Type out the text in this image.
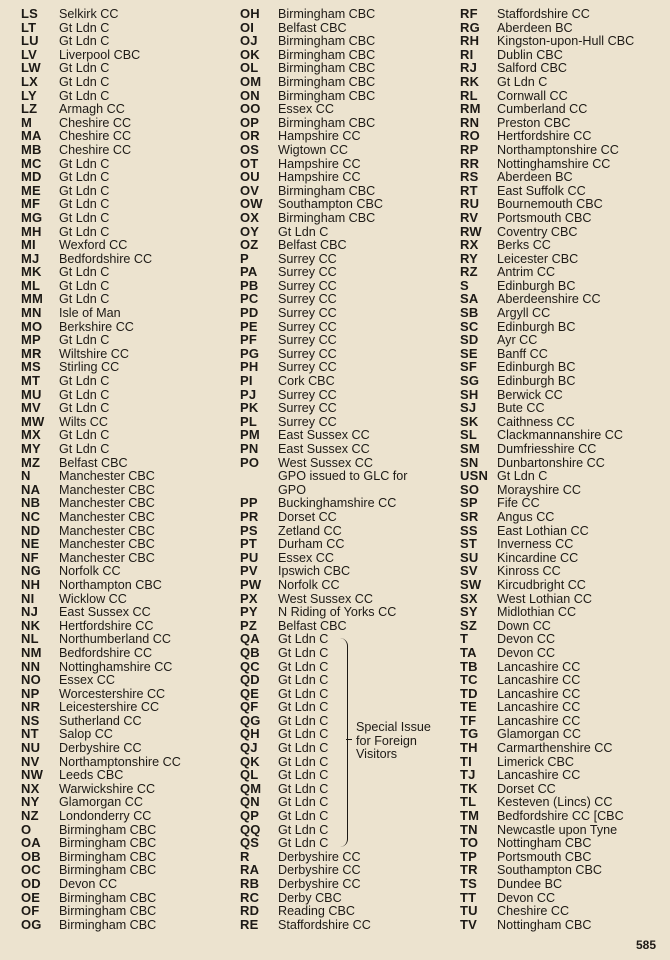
LS Selkirk CC
LT Gt Ldn C
LU Gt Ldn C
LV Liverpool CBC
LW Gt Ldn C
LX Gt Ldn C
LY Gt Ldn C
LZ Armagh CC
M Cheshire CC
MA Cheshire CC
MB Cheshire CC
MC Gt Ldn C
MD Gt Ldn C
ME Gt Ldn C
MF Gt Ldn C
MG Gt Ldn C
MH Gt Ldn C
MI Wexford CC
MJ Bedfordshire CC
MK Gt Ldn C
ML Gt Ldn C
MM Gt Ldn C
MN Isle of Man
MO Berkshire CC
MP Gt Ldn C
MR Wiltshire CC
MS Stirling CC
MT Gt Ldn C
MU Gt Ldn C
MV Gt Ldn C
MW Wilts CC
MX Gt Ldn C
MY Gt Ldn C
MZ Belfast CBC
N Manchester CBC
NA Manchester CBC
NB Manchester CBC
NC Manchester CBC
ND Manchester CBC
NE Manchester CBC
NF Manchester CBC
NG Norfolk CC
NH Northampton CBC
NI Wicklow CC
NJ East Sussex CC
NK Hertfordshire CC
NL Northumberland CC
NM Bedfordshire CC
NN Nottinghamshire CC
NO Essex CC
NP Worcestershire CC
NR Leicestershire CC
NS Sutherland CC
NT Salop CC
NU Derbyshire CC
NV Northamptonshire CC
NW Leeds CBC
NX Warwickshire CC
NY Glamorgan CC
NZ Londonderry CC
O Birmingham CBC
OA Birmingham CBC
OB Birmingham CBC
OC Birmingham CBC
OD Devon CC
OE Birmingham CBC
OF Birmingham CBC
OG Birmingham CBC
OH Birmingham CBC
OI Belfast CBC
OJ Birmingham CBC
OK Birmingham CBC
OL Birmingham CBC
OM Birmingham CBC
ON Birmingham CBC
OO Essex CC
OP Birmingham CBC
OR Hampshire CC
OS Wigtown CC
OT Hampshire CC
OU Hampshire CC
OV Birmingham CBC
OW Southampton CBC
OX Birmingham CBC
OY Gt Ldn C
OZ Belfast CBC
P Surrey CC
PA Surrey CC
PB Surrey CC
PC Surrey CC
PD Surrey CC
PE Surrey CC
PF Surrey CC
PG Surrey CC
PH Surrey CC
PI Cork CBC
PJ Surrey CC
PK Surrey CC
PL Surrey CC
PM East Sussex CC
PN East Sussex CC
PO West Sussex CC
GPO issued to GLC for
GPO
PP Buckinghamshire CC
PR Dorset CC
PS Zetland CC
PT Durham CC
PU Essex CC
PV Ipswich CBC
PW Norfolk CC
PX West Sussex CC
PY N Riding of Yorks CC
PZ Belfast CBC
QA Gt Ldn C
QB Gt Ldn C
QC Gt Ldn C
QD Gt Ldn C
QE Gt Ldn C
QF Gt Ldn C
QG Gt Ldn C
QH Gt Ldn C
QJ Gt Ldn C
QK Gt Ldn C
QL Gt Ldn C
QM Gt Ldn C
QN Gt Ldn C
QP Gt Ldn C
QQ Gt Ldn C
QS Gt Ldn C
R Derbyshire CC
RA Derbyshire CC
RB Derbyshire CC
RC Derby CBC
RD Reading CBC
RE Staffordshire CC
RF Staffordshire CC
RG Aberdeen BC
RH Kingston-upon-Hull CBC
RI Dublin CBC
RJ Salford CBC
RK Gt Ldn C
RL Cornwall CC
RM Cumberland CC
RN Preston CBC
RO Hertfordshire CC
RP Northamptonshire CC
RR Nottinghamshire CC
RS Aberdeen BC
RT East Suffolk CC
RU Bournemouth CBC
RV Portsmouth CBC
RW Coventry CBC
RX Berks CC
RY Leicester CBC
RZ Antrim CC
S Edinburgh BC
SA Aberdeenshire CC
SB Argyll CC
SC Edinburgh BC
SD Ayr CC
SE Banff CC
SF Edinburgh BC
SG Edinburgh BC
SH Berwick CC
SJ Bute CC
SK Caithness CC
SL Clackmannanshire CC
SM Dumfriesshire CC
SN Dunbartonshire CC
USN Gt Ldn C
SO Morayshire CC
SP Fife CC
SR Angus CC
SS East Lothian CC
ST Inverness CC
SU Kincardine CC
SV Kinross CC
SW Kircudbright CC
SX West Lothian CC
SY Midlothian CC
SZ Down CC
T Devon CC
TA Devon CC
TB Lancashire CC
TC Lancashire CC
TD Lancashire CC
TE Lancashire CC
TF Lancashire CC
TG Glamorgan CC
TH Carmarthenshire CC
TI Limerick CBC
TJ Lancashire CC
TK Dorset CC
TL Kesteven (Lincs) CC
TM Bedfordshire CC [CBC
TN Newcastle upon Tyne
TO Nottingham CBC
TP Portsmouth CBC
TR Southampton CBC
TS Dundee BC
TT Devon CC
TU Cheshire CC
TV Nottingham CBC
Special Issue
for Foreign
Visitors
585
